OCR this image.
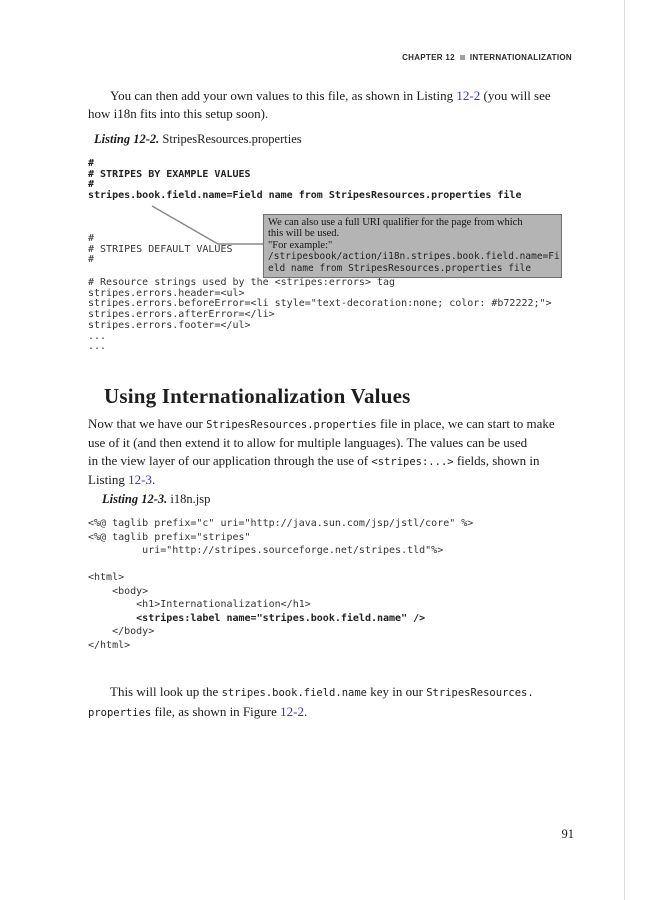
CHAPTER 12 INTERNATIONALIZATION
You can then add your own values to this file, as shown in Listing 12-2 (you will see
how i18n fits into this setup soon).
Listing 12-2. StripesResources.properties
#
# STRIPES BY EXAMPLE VALUES
#
stripes.book.field.name=Field name from StripesResources.properties file
#
# STRIPES DEFAULT VALUES
#
We can also use a full URI qualifier for the page from which
this will be used.
"For example:"
/stripesbook/action/i18n.stripes.book.field.name=Fi
eld name from StripesResources.properties file
# Resource strings used by the <stripes:errors> tag
stripes.errors.header=<ul>
stripes.errors.beforeError=<li style="text-decoration:none; color: #b72222;">
stripes.errors.afterError=</li>
stripes.errors.footer=</ul>
...
...
Using Internationalization Values
Now that we have our StripesResources.properties file in place, we can start to make
use of it (and then extend it to allow for multiple languages). The values can be used
in the view layer of our application through the use of <stripes:...> fields, shown in
Listing 12-3.
Listing 12-3. i18n.jsp
<%@ taglib prefix="c" uri="http://java.sun.com/jsp/jstl/core" %>
<%@ taglib prefix="stripes"
uri="http://stripes.sourceforge.net/stripes.tld"%>

<html>
<body>
<h1>Internationalization</h1>
<stripes:label name="stripes.book.field.name" />
</body>
</html>
This will look up the stripes.book.field.name key in our StripesResources.
properties file, as shown in Figure 12-2.
91
